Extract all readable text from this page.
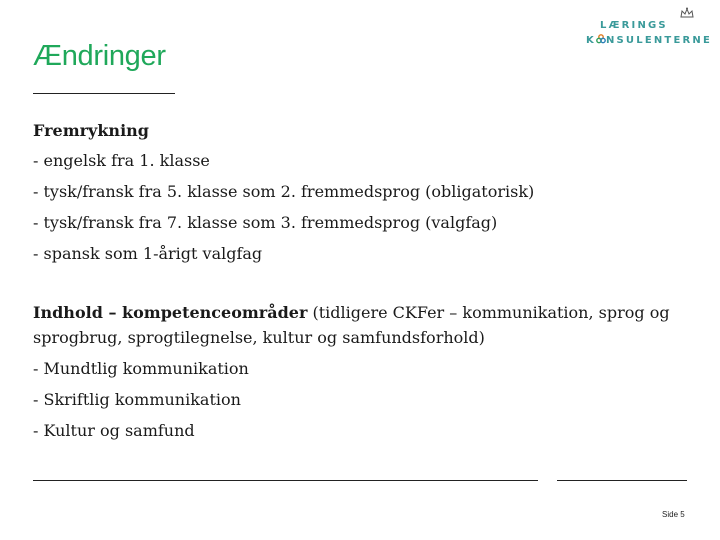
LÆRINGS
K NSULENTERNE
Ændringer
Fremrykning
- engelsk fra 1. klasse
- tysk/fransk fra 5. klasse som 2. fremmedsprog (obligatorisk)
- tysk/fransk fra 7. klasse som 3. fremmedsprog (valgfag)
- spansk som 1-årigt valgfag
Indhold – kompetenceområder (tidligere CKFer – kommunikation, sprog og sprogbrug, sprogtilegnelse, kultur og samfundsforhold)
- Mundtlig kommunikation
- Skriftlig kommunikation
- Kultur og samfund
Side 5
